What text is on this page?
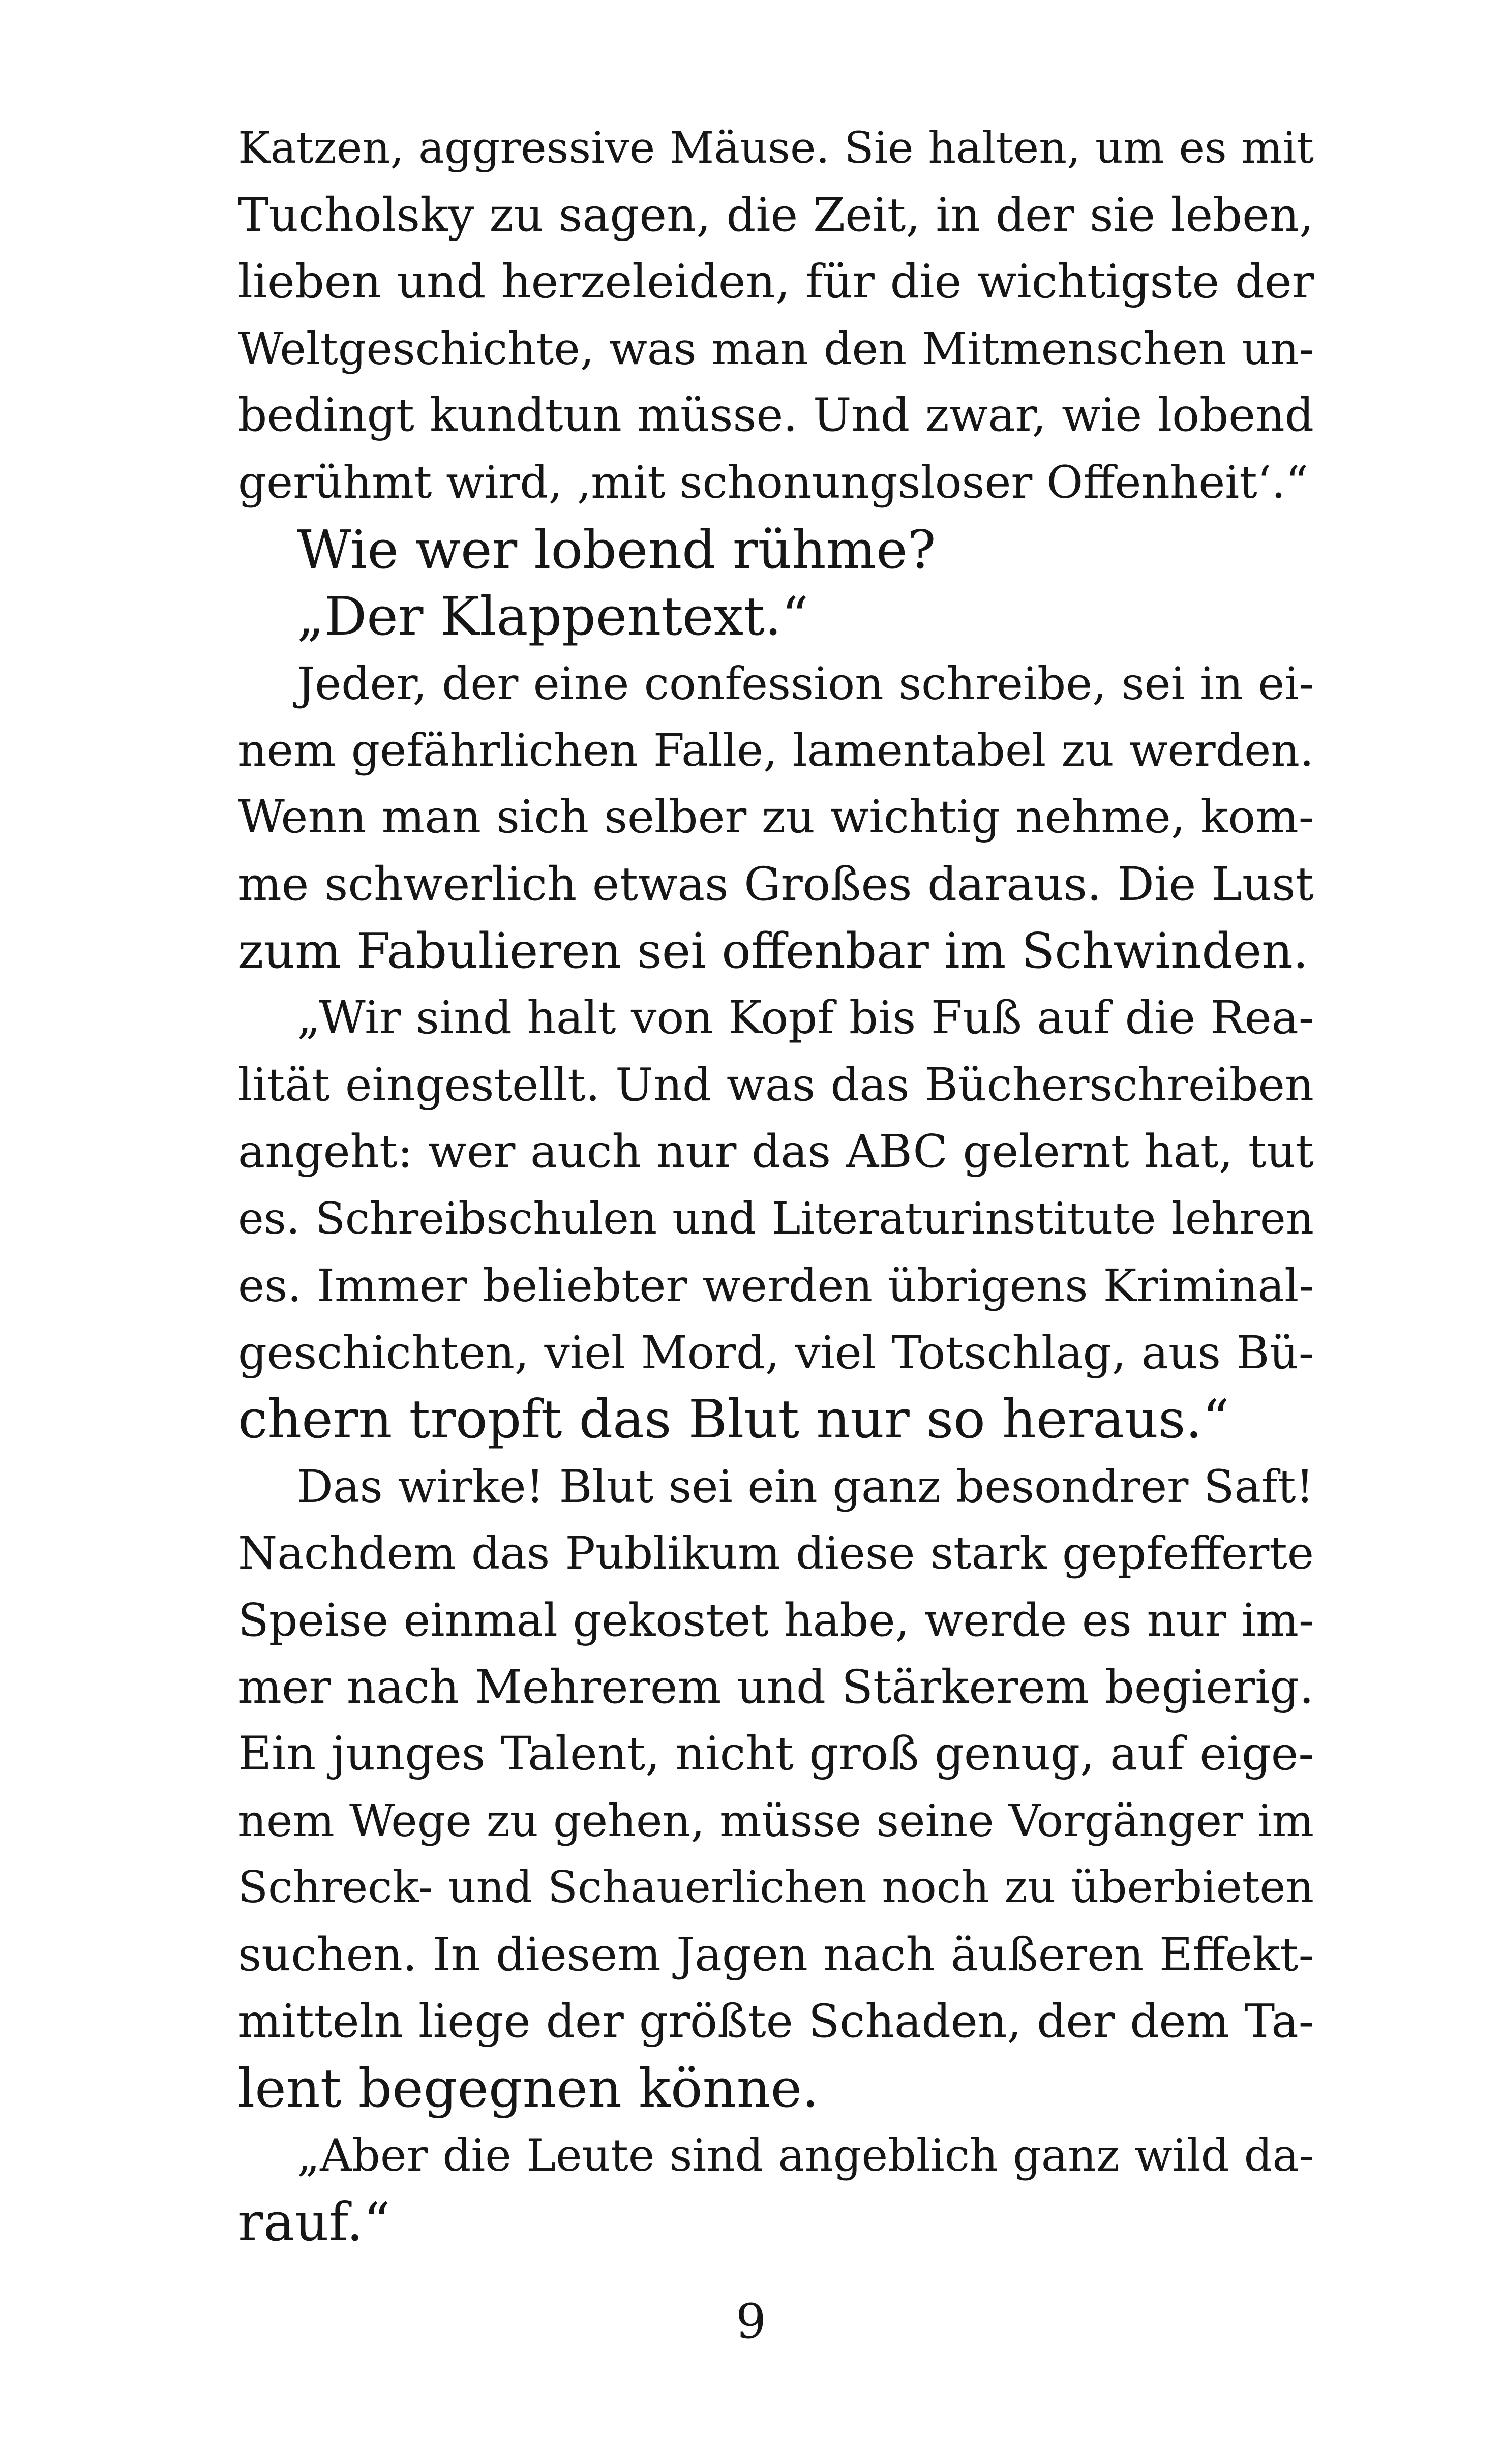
Katzen, aggressive Mäuse. Sie halten, um es mit
Tucholsky zu sagen, die Zeit, in der sie leben,
lieben und herzeleiden, für die wichtigste der
Weltgeschichte, was man den Mitmenschen un-
bedingt kundtun müsse. Und zwar, wie lobend
gerühmt wird, ‚mit schonungsloser Offenheit‘.“
Wie wer lobend rühme?
„Der Klappentext.“
Jeder, der eine confession schreibe, sei in ei-
nem gefährlichen Falle, lamentabel zu werden.
Wenn man sich selber zu wichtig nehme, kom-
me schwerlich etwas Großes daraus. Die Lust
zum Fabulieren sei offenbar im Schwinden.
„Wir sind halt von Kopf bis Fuß auf die Rea-
lität eingestellt. Und was das Bücherschreiben
angeht: wer auch nur das ABC gelernt hat, tut
es. Schreibschulen und Literaturinstitute lehren
es. Immer beliebter werden übrigens Kriminal-
geschichten, viel Mord, viel Totschlag, aus Bü-
chern tropft das Blut nur so heraus.“
Das wirke! Blut sei ein ganz besondrer Saft!
Nachdem das Publikum diese stark gepfefferte
Speise einmal gekostet habe, werde es nur im-
mer nach Mehrerem und Stärkerem begierig.
Ein junges Talent, nicht groß genug, auf eige-
nem Wege zu gehen, müsse seine Vorgänger im
Schreck- und Schauerlichen noch zu überbieten
suchen. In diesem Jagen nach äußeren Effekt-
mitteln liege der größte Schaden, der dem Ta-
lent begegnen könne.
„Aber die Leute sind angeblich ganz wild da-
rauf.“
9
